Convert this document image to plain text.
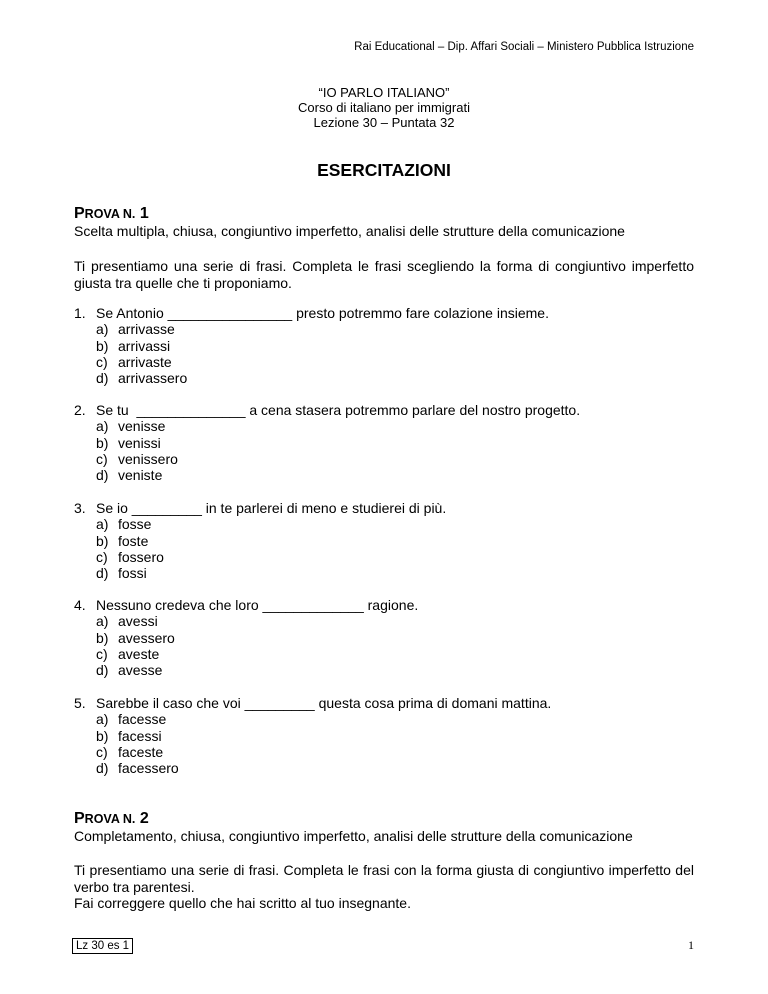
Rai Educational – Dip. Affari Sociali – Ministero Pubblica Istruzione
“IO PARLO ITALIANO”
Corso di italiano per immigrati
Lezione 30 – Puntata 32
ESERCITAZIONI
PROVA N. 1
Scelta multipla, chiusa, congiuntivo imperfetto, analisi delle strutture della comunicazione
Ti presentiamo una serie di frasi. Completa le frasi scegliendo la forma di congiuntivo imperfetto giusta tra quelle che ti proponiamo.
1. Se Antonio ________________ presto potremmo fare colazione insieme.
a) arrivasse
b) arrivassi
c) arrivaste
d) arrivassero
2. Se tu  ______________ a cena stasera potremmo parlare del nostro progetto.
a) venisse
b) venissi
c) venissero
d) veniste
3. Se io _________ in te parlerei di meno e studierei di più.
a) fosse
b) foste
c) fossero
d) fossi
4. Nessuno credeva che loro _____________ ragione.
a) avessi
b) avessero
c) aveste
d) avesse
5. Sarebbe il caso che voi _________ questa cosa prima di domani mattina.
a) facesse
b) facessi
c) faceste
d) facessero
PROVA N. 2
Completamento, chiusa, congiuntivo imperfetto, analisi delle strutture della comunicazione
Ti presentiamo una serie di frasi. Completa le frasi con la forma giusta di congiuntivo imperfetto del verbo tra parentesi.
Fai correggere quello che hai scritto al tuo insegnante.
Lz 30 es 1	1
